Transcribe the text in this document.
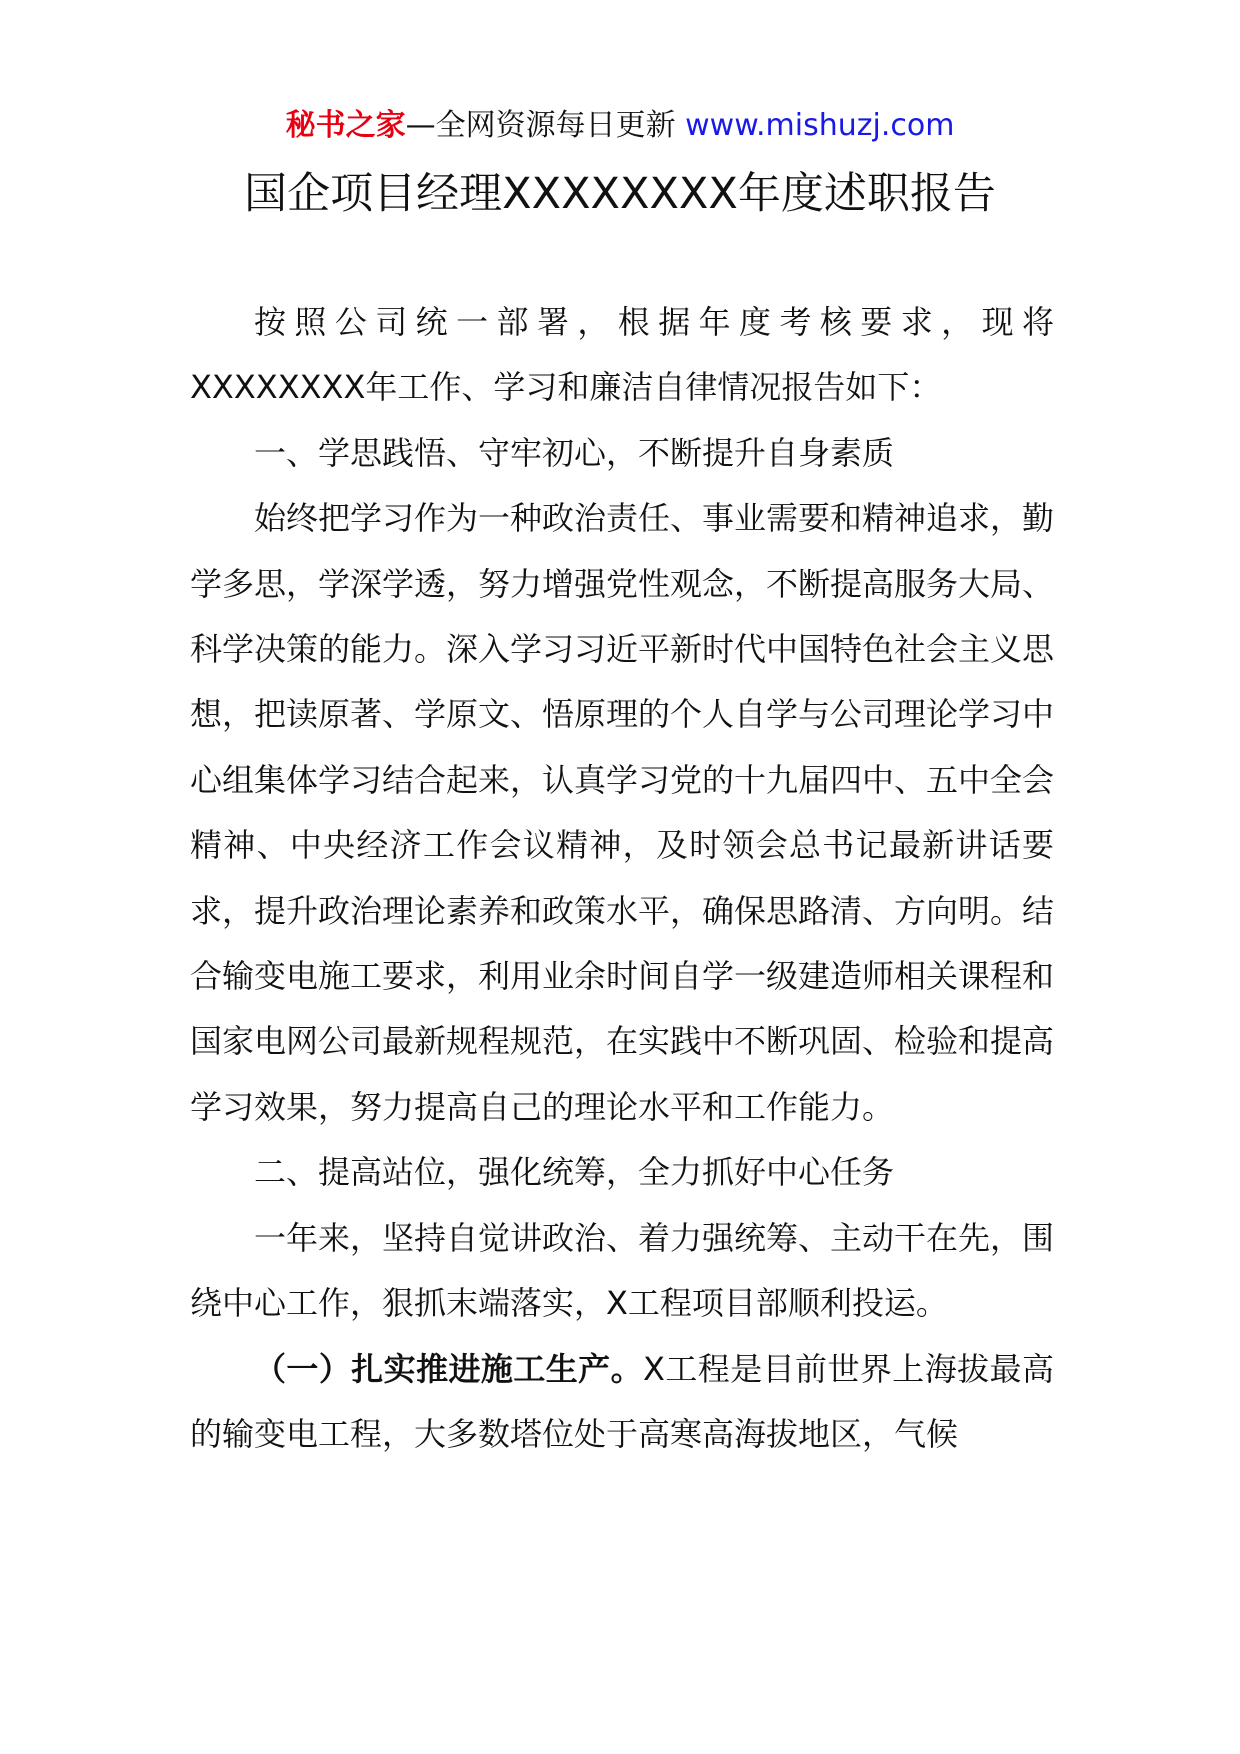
秘书之家—全网资源每日更新 www.mishuzj.com
国企项目经理XXXXXXXX年度述职报告

按照公司统一部署，根据年度考核要求，现将XXXXXXXX年工作、学习和廉洁自律情况报告如下：

一、学思践悟、守牢初心，不断提升自身素质

始终把学习作为一种政治责任、事业需要和精神追求，勤学多思，学深学透，努力增强党性观念，不断提高服务大局、科学决策的能力。深入学习习近平新时代中国特色社会主义思想，把读原著、学原文、悟原理的个人自学与公司理论学习中心组集体学习结合起来，认真学习党的十九届四中、五中全会精神、中央经济工作会议精神，及时领会总书记最新讲话要求，提升政治理论素养和政策水平，确保思路清、方向明。结合输变电施工要求，利用业余时间自学一级建造师相关课程和国家电网公司最新规程规范，在实践中不断巩固、检验和提高学习效果，努力提高自己的理论水平和工作能力。

二、提高站位，强化统筹，全力抓好中心任务

一年来，坚持自觉讲政治、着力强统筹、主动干在先，围绕中心工作，狠抓末端落实，X工程项目部顺利投运。

（一）扎实推进施工生产。X工程是目前世界上海拔最高的输变电工程，大多数塔位处于高寒高海拔地区，气候
